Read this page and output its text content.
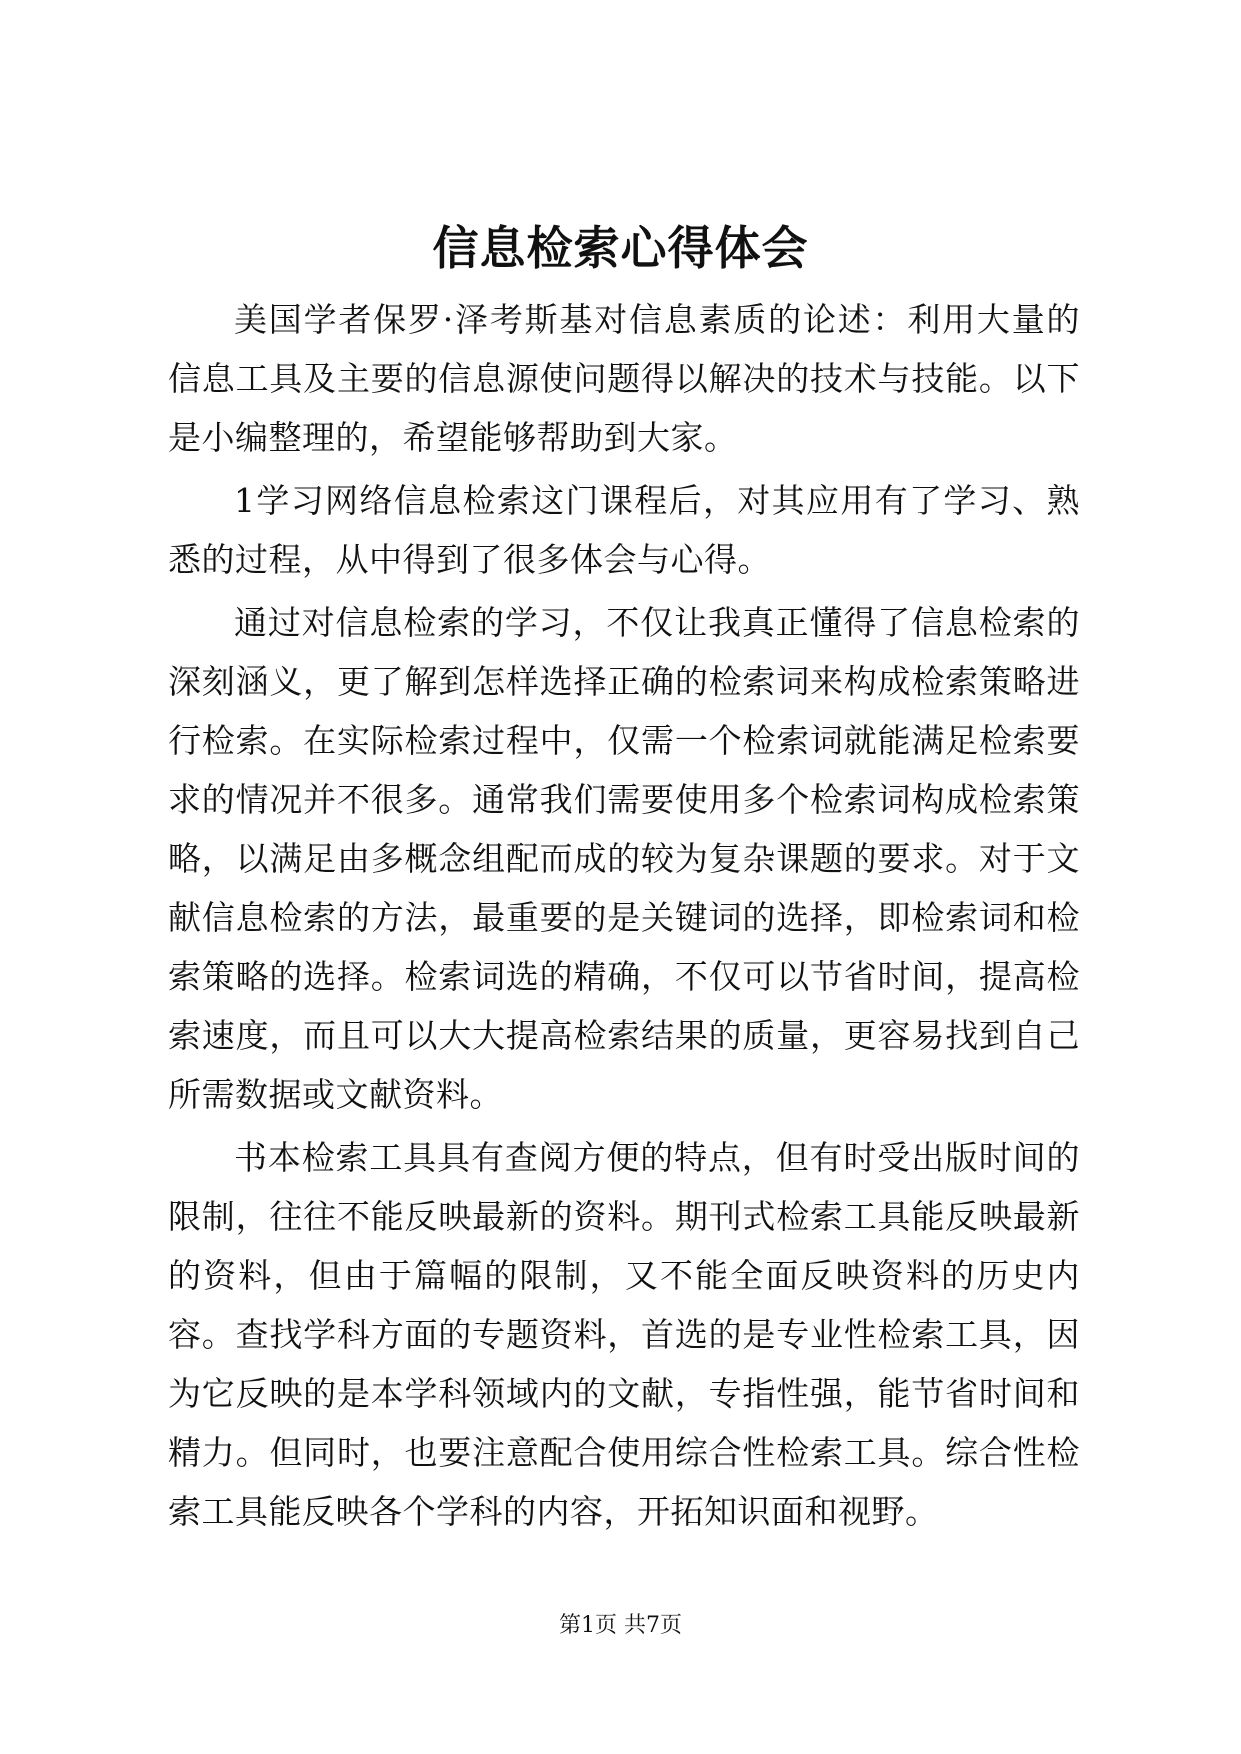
信息检索心得体会

美国学者保罗·泽考斯基对信息素质的论述：利用大量的信息工具及主要的信息源使问题得以解决的技术与技能。以下是小编整理的，希望能够帮助到大家。

1学习网络信息检索这门课程后，对其应用有了学习、熟悉的过程，从中得到了很多体会与心得。

通过对信息检索的学习，不仅让我真正懂得了信息检索的深刻涵义，更了解到怎样选择正确的检索词来构成检索策略进行检索。在实际检索过程中，仅需一个检索词就能满足检索要求的情况并不很多。通常我们需要使用多个检索词构成检索策略，以满足由多概念组配而成的较为复杂课题的要求。对于文献信息检索的方法，最重要的是关键词的选择，即检索词和检索策略的选择。检索词选的精确，不仅可以节省时间，提高检索速度，而且可以大大提高检索结果的质量，更容易找到自己所需数据或文献资料。

书本检索工具具有查阅方便的特点，但有时受出版时间的限制，往往不能反映最新的资料。期刊式检索工具能反映最新的资料，但由于篇幅的限制，又不能全面反映资料的历史内容。查找学科方面的专题资料，首选的是专业性检索工具，因为它反映的是本学科领域内的文献，专指性强，能节省时间和精力。但同时，也要注意配合使用综合性检索工具。综合性检索工具能反映各个学科的内容，开拓知识面和视野。

第1页 共7页
